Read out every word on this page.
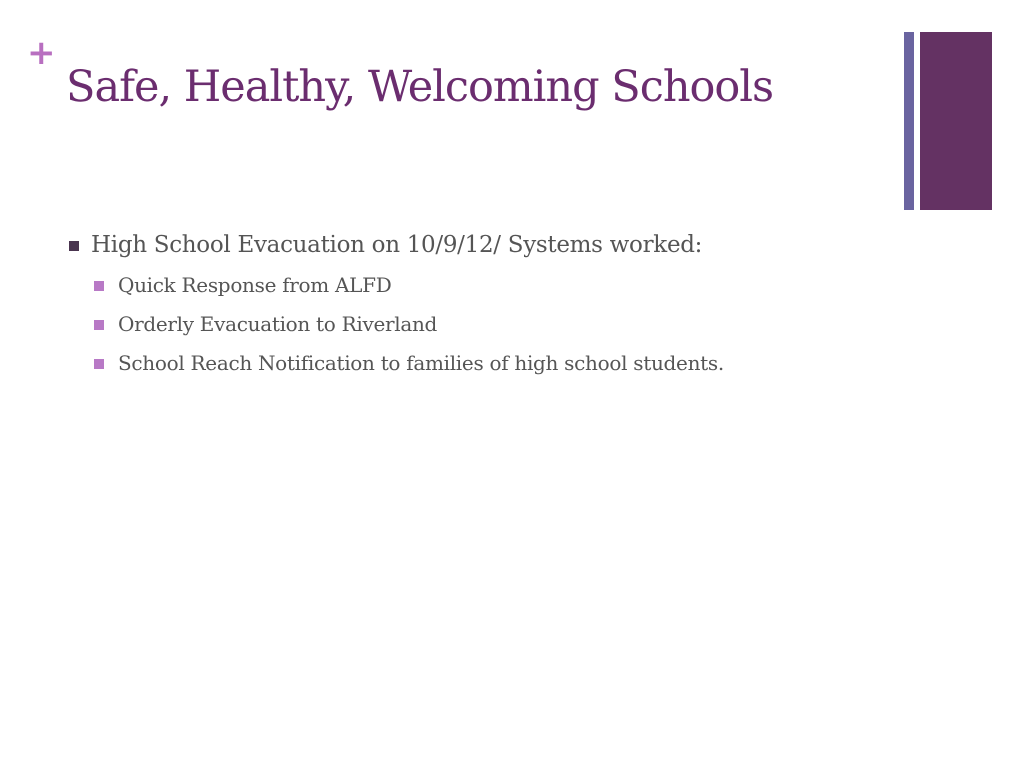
+
Safe, Healthy, Welcoming Schools
High School Evacuation on 10/9/12/ Systems worked:
Quick Response from ALFD
Orderly Evacuation to Riverland
School Reach Notification to families of high school students.
